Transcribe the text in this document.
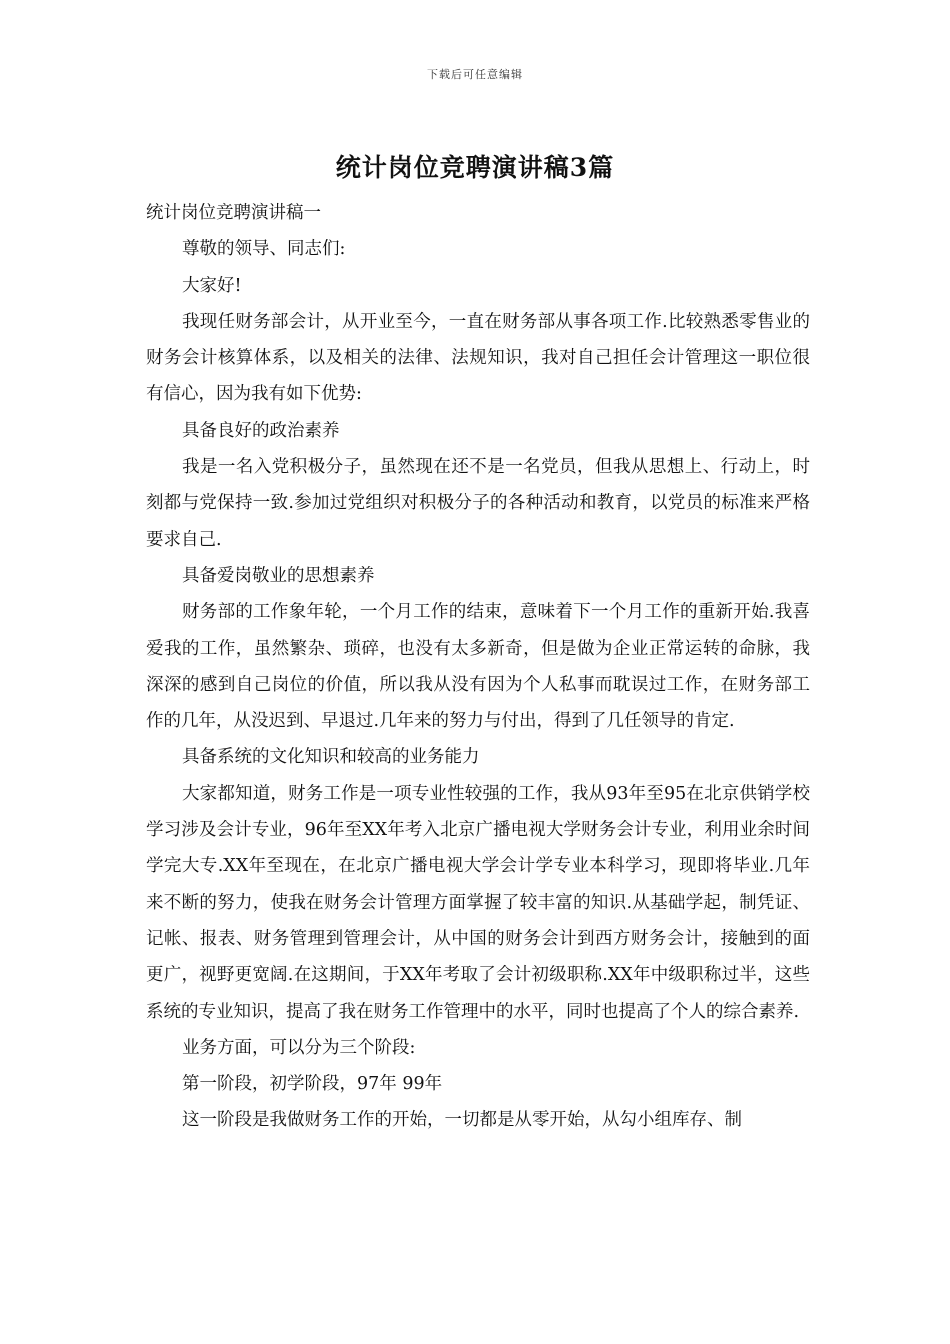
下载后可任意编辑
统计岗位竞聘演讲稿3篇

统计岗位竞聘演讲稿一

尊敬的领导、同志们:

大家好!

我现任财务部会计，从开业至今，一直在财务部从事各项工作.比较熟悉零售业的财务会计核算体系，以及相关的法律、法规知识，我对自己担任会计管理这一职位很有信心，因为我有如下优势:

具备良好的政治素养

我是一名入党积极分子，虽然现在还不是一名党员，但我从思想上、行动上，时刻都与党保持一致.参加过党组织对积极分子的各种活动和教育，以党员的标准来严格要求自己.

具备爱岗敬业的思想素养

财务部的工作象年轮，一个月工作的结束，意味着下一个月工作的重新开始.我喜爱我的工作，虽然繁杂、琐碎，也没有太多新奇，但是做为企业正常运转的命脉，我深深的感到自己岗位的价值，所以我从没有因为个人私事而耽误过工作，在财务部工作的几年，从没迟到、早退过.几年来的努力与付出，得到了几任领导的肯定.

具备系统的文化知识和较高的业务能力

大家都知道，财务工作是一项专业性较强的工作，我从93年至95在北京供销学校学习涉及会计专业，96年至XX年考入北京广播电视大学财务会计专业，利用业余时间学完大专.XX年至现在，在北京广播电视大学会计学专业本科学习，现即将毕业.几年来不断的努力，使我在财务会计管理方面掌握了较丰富的知识.从基础学起，制凭证、记帐、报表、财务管理到管理会计，从中国的财务会计到西方财务会计，接触到的面更广，视野更宽阔.在这期间，于XX年考取了会计初级职称.XX年中级职称过半，这些系统的专业知识，提高了我在财务工作管理中的水平，同时也提高了个人的综合素养.

业务方面，可以分为三个阶段:

第一阶段，初学阶段，97年 99年

这一阶段是我做财务工作的开始，一切都是从零开始，从勾小组库存、制
